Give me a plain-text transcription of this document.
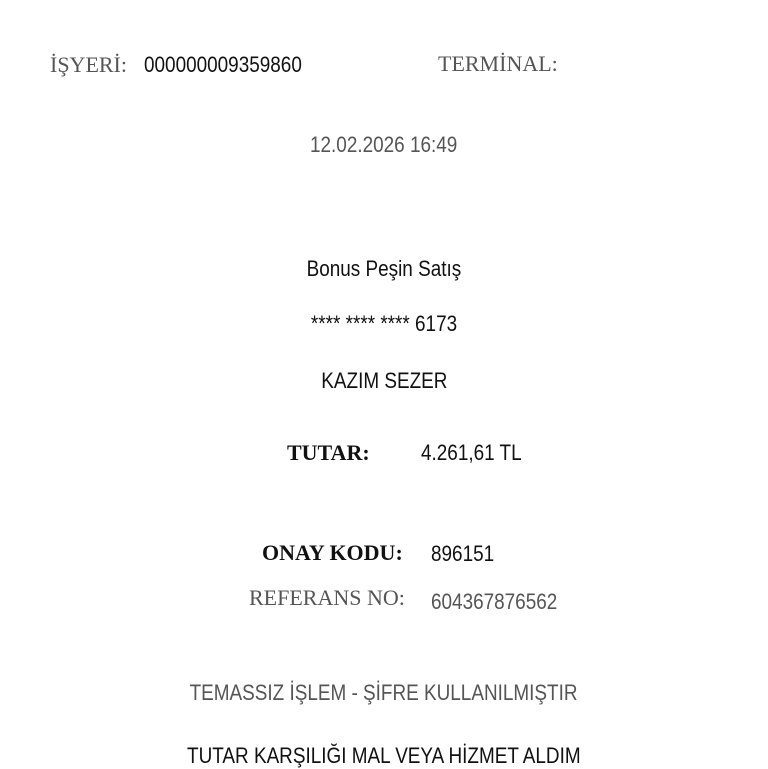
İŞYERİ: 000000009359860	TERMİNAL:
12.02.2026 16:49
Bonus Peşin Satış
**** **** **** 6173
KAZIM SEZER
TUTAR: 4.261,61 TL
ONAY KODU: 896151
REFERANS NO: 604367876562
TEMASSIZ İŞLEM - ŞİFRE KULLANILMIŞTIR
TUTAR KARŞILIĞI MAL VEYA HİZMET ALDIM
